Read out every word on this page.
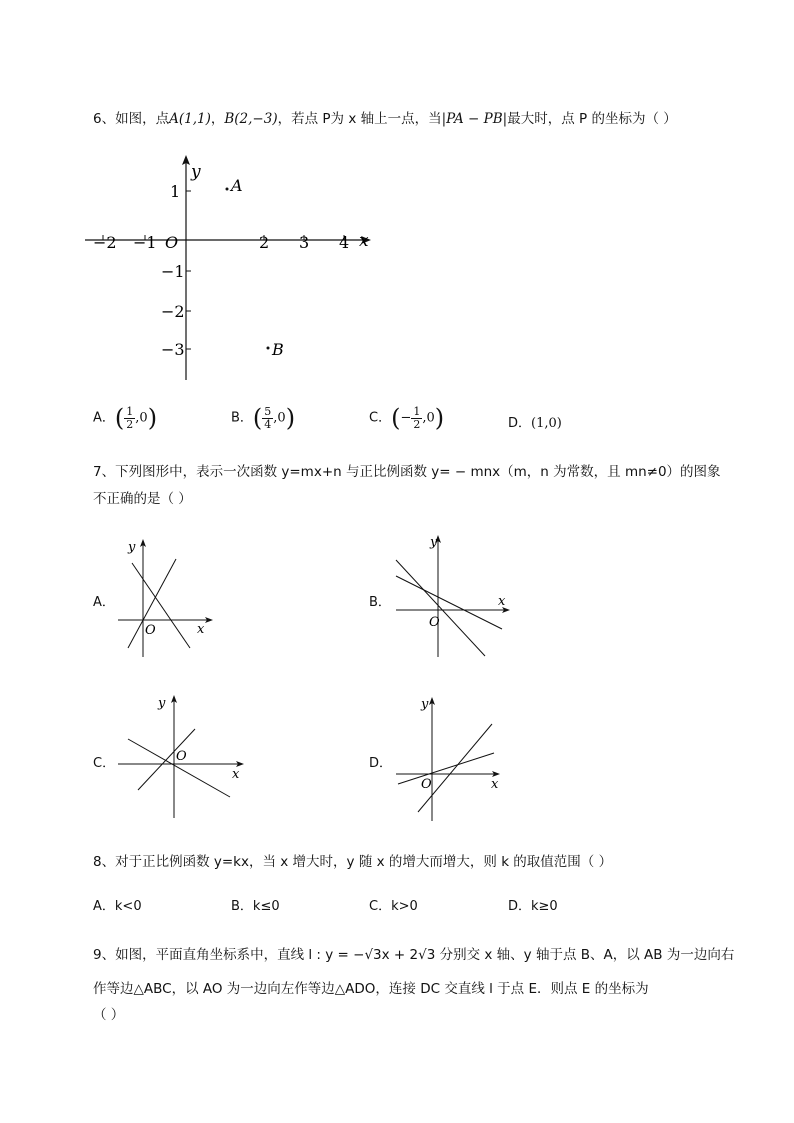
6、如图，点A(1,1)，B(2,−3)，若点 P为 x 轴上一点，当|PA − PB|最大时，点 P 的坐标为（ ）
y
x
O
−2 −1	2 3 4
1
−1
−2
−3
A
B
A．( $\frac{1}{2} ,0$)	B．( $\frac{5}{4} ,0$)	C．(− $\frac{1}{2} ,0$)	D．(1,0)
7、下列图形中，表示一次函数 y=mx+n 与正比例函数 y= − mnx（m，n 为常数，且 mn≠0）的图象
不正确的是（ ）
A．
y
x
O
B．
y
x
O
C．
y
x
O	D．
y
x
O
8、对于正比例函数 y=kx，当 x 增大时，y 随 x 的增大而增大，则 k 的取值范围（ ）
A．k<0	B．k≤0	C．k>0	D．k≥0
9、如图，平面直角坐标系中，直线 l : y = −√3x + 2√3 分别交 x 轴、y 轴于点 B、A，以 AB 为一边向右
作等边△ABC，以 AO 为一边向左作等边△ADO，连接 DC 交直线 l 于点 E．则点 E 的坐标为
（ ）
